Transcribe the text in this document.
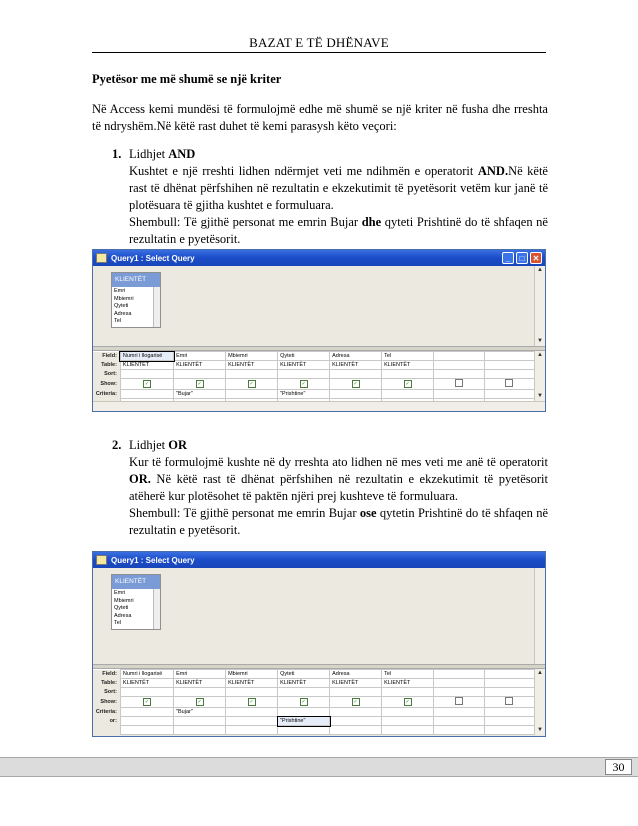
BAZAT E TË DHËNAVE
Pyetësor me më shumë se një kriter
Në Access kemi mundësi të formulojmë edhe më shumë se një kriter në fusha dhe rreshta të ndryshëm.Në këtë rast duhet të kemi parasysh këto veçori:
1. Lidhjet AND
Kushtet e një rreshti lidhen ndërmjet veti me ndihmën e operatorit AND.Në këtë rast të dhënat përfshihen në rezultatin e ekzekutimit të pyetësorit vetëm kur janë të plotësuara të gjitha kushtet e formuluara.
Shembull: Të gjithë personat me emrin Bujar dhe qyteti Prishtinë do të shfaqen në rezultatin e pyetësorit.
Query1 : Select Query	_	□	✕
KLIENTËT
Emri
Mbiemri
Qyteti
Adresa
Tel
▲
▼
Field:	Numri i llogarisë	Emri	Mbiemri	Qyteti	Adresa	Tel		
Table:	KLIENTËT	KLIENTËT	KLIENTËT	KLIENTËT	KLIENTËT	KLIENTËT		
Sort:								
Show:	✓	✓	✓	✓	✓	✓		
Criteria:		"Bujar"		"Prishtine"				

▲
▼
2. Lidhjet OR
Kur të formulojmë kushte në dy rreshta ato lidhen në mes veti me anë të operatorit OR. Në këtë rast të dhënat përfshihen në rezultatin e ekzekutimit të pyetësorit atëherë kur plotësohet të paktën njëri prej kushteve të formuluara.
Shembull: Të gjithë personat me emrin Bujar ose qytetin Prishtinë do të shfaqen në rezultatin e pyetësorit.
Query1 : Select Query
KLIENTËT
Emri
Mbiemri
Qyteti
Adresa
Tel
Field:	Numri i llogarisë	Emri	Mbiemri	Qyteti	Adresa	Tel		
Table:	KLIENTËT	KLIENTËT	KLIENTËT	KLIENTËT	KLIENTËT	KLIENTËT		
Sort:								
Show:	✓	✓	✓	✓	✓	✓		
Criteria:		"Bujar"						
or:				"Prishtine"				

▲
▼
30
